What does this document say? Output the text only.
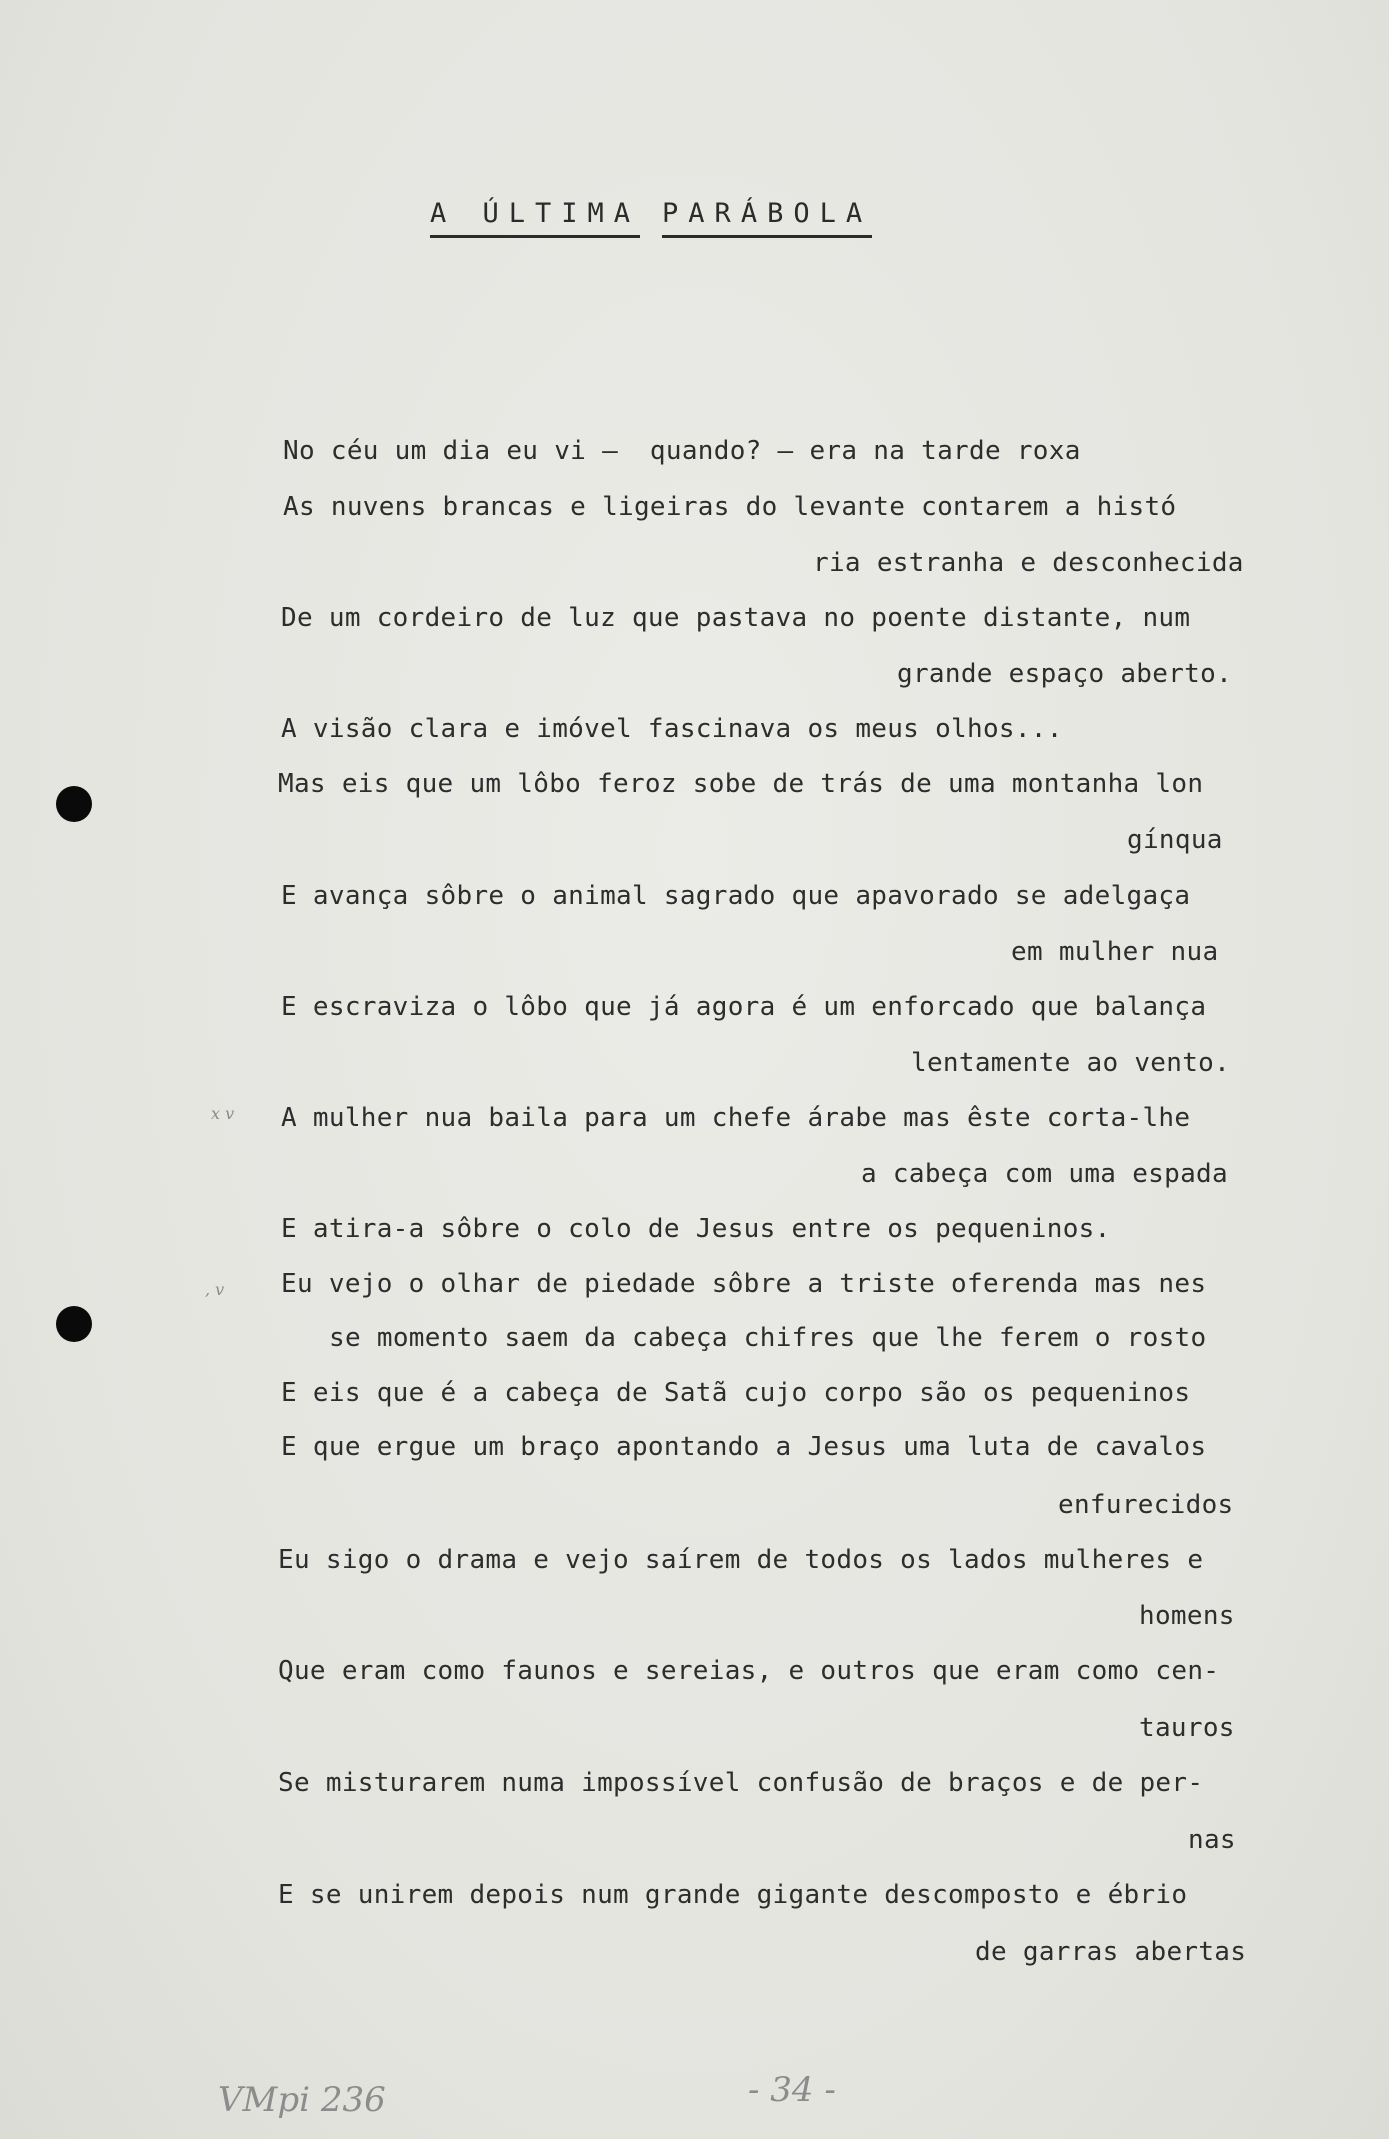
A ÚLTIMA PARÁBOLA
No céu um dia eu vi —  quando? — era na tarde roxa
As nuvens brancas e ligeiras do levante contarem a histó
ria estranha e desconhecida
De um cordeiro de luz que pastava no poente distante, num
grande espaço aberto.
A visão clara e imóvel fascinava os meus olhos...
Mas eis que um lôbo feroz sobe de trás de uma montanha lon
gínqua
E avança sôbre o animal sagrado que apavorado se adelgaça
em mulher nua
E escraviza o lôbo que já agora é um enforcado que balança
lentamente ao vento.
A mulher nua baila para um chefe árabe mas êste corta-lhe
a cabeça com uma espada
E atira-a sôbre o colo de Jesus entre os pequeninos.
Eu vejo o olhar de piedade sôbre a triste oferenda mas nes
se momento saem da cabeça chifres que lhe ferem o rosto
E eis que é a cabeça de Satã cujo corpo são os pequeninos
E que ergue um braço apontando a Jesus uma luta de cavalos
enfurecidos
Eu sigo o drama e vejo saírem de todos os lados mulheres e
homens
Que eram como faunos e sereias, e outros que eram como cen-
tauros
Se misturarem numa impossível confusão de braços e de per-
nas
E se unirem depois num grande gigante descomposto e ébrio
de garras abertas
x v
, v
VMpi 236	- 34 -
